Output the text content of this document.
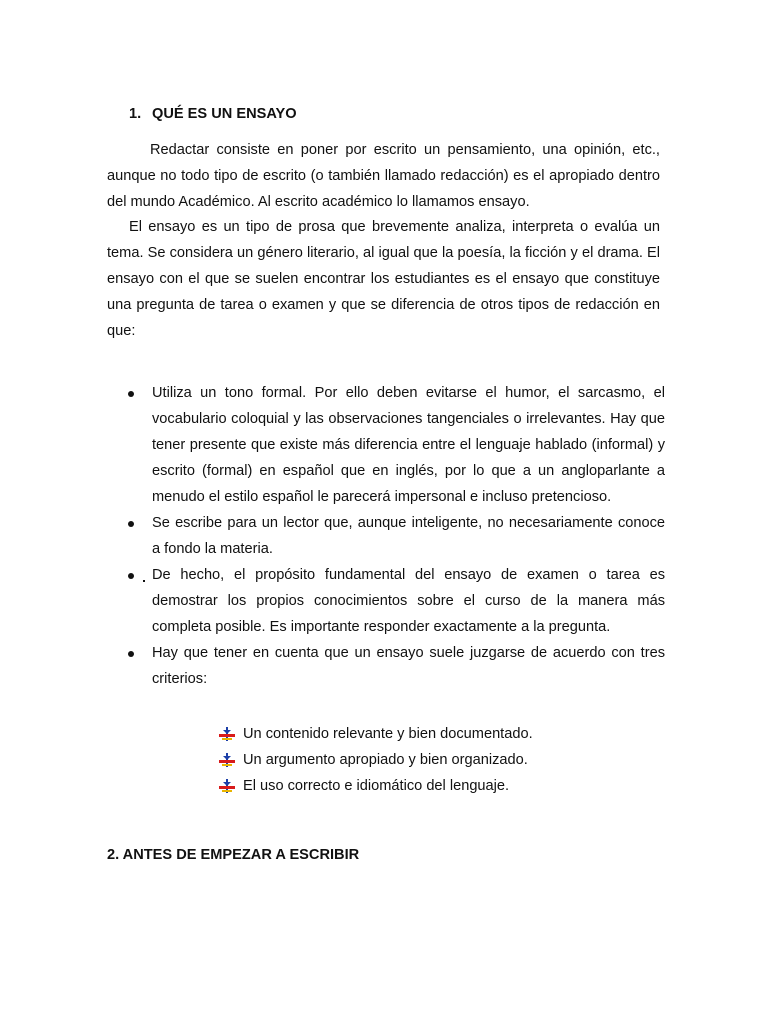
1. QUÉ ES UN ENSAYO

Redactar consiste en poner por escrito un pensamiento, una opinión, etc., aunque no todo tipo de escrito (o también llamado redacción) es el apropiado dentro del mundo Académico. Al escrito académico lo llamamos ensayo.

El ensayo es un tipo de prosa que brevemente analiza, interpreta o evalúa un tema. Se considera un género literario, al igual que la poesía, la ficción y el drama. El ensayo con el que se suelen encontrar los estudiantes es el ensayo que constituye una pregunta de tarea o examen y que se diferencia de otros tipos de redacción en que:

Utiliza un tono formal. Por ello deben evitarse el humor, el sarcasmo, el vocabulario coloquial y las observaciones tangenciales o irrelevantes. Hay que tener presente que existe más diferencia entre el lenguaje hablado (informal) y escrito (formal) en español que en inglés, por lo que a un angloparlante a menudo el estilo español le parecerá impersonal e incluso pretencioso.
Se escribe para un lector que, aunque inteligente, no necesariamente conoce a fondo la materia.
De hecho, el propósito fundamental del ensayo de examen o tarea es demostrar los propios conocimientos sobre el curso de la manera más completa posible. Es importante responder exactamente a la pregunta.
Hay que tener en cuenta que un ensayo suele juzgarse de acuerdo con tres criterios:
Un contenido relevante y bien documentado.
Un argumento apropiado y bien organizado.
El uso correcto e idiomático del lenguaje.
2. ANTES DE EMPEZAR A ESCRIBIR
